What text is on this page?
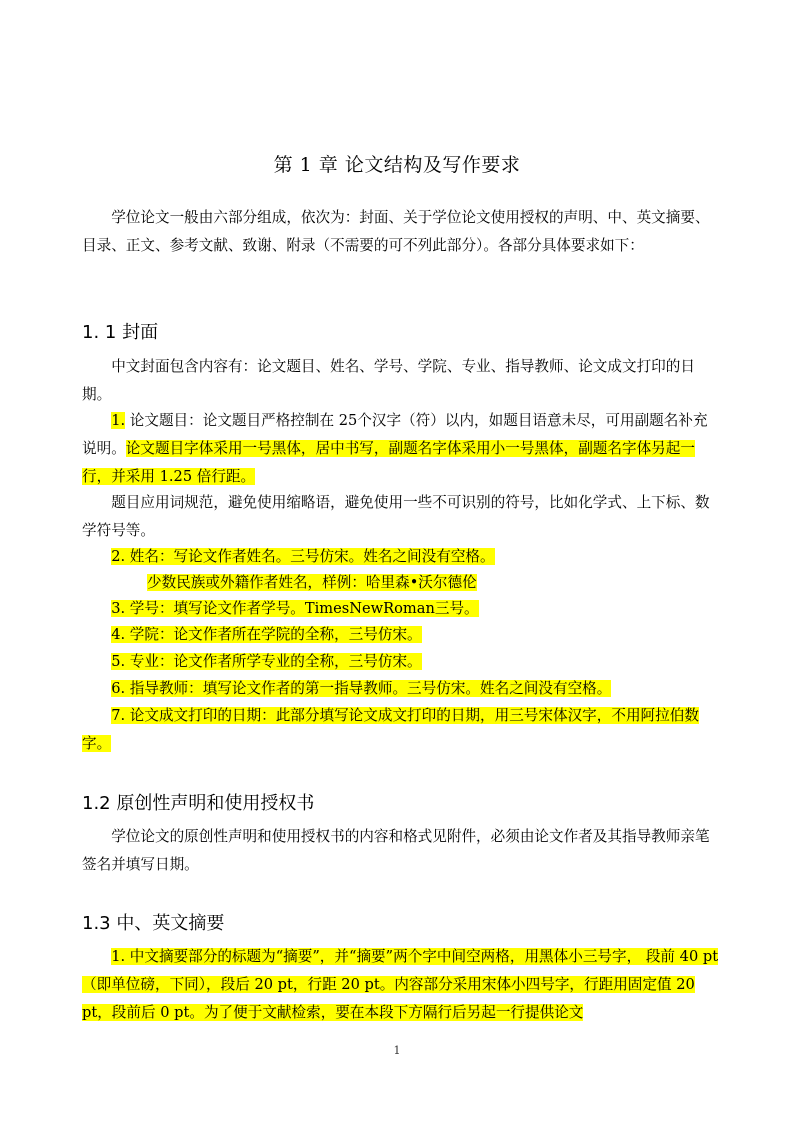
第 1 章 论文结构及写作要求
学位论文一般由六部分组成，依次为：封面、关于学位论文使用授权的声明、中、英文摘要、目录、正文、参考文献、致谢、附录（不需要的可不列此部分）。各部分具体要求如下：
1. 1 封面
中文封面包含内容有：论文题目、姓名、学号、学院、专业、指导教师、论文成文打印的日期。
1. 论文题目：论文题目严格控制在 25个汉字（符）以内，如题目语意未尽，可用副题名补充说明。论文题目字体采用一号黑体，居中书写，副题名字体采用小一号黑体，副题名字体另起一行，并采用 1.25 倍行距。
题目应用词规范，避免使用缩略语，避免使用一些不可识别的符号，比如化学式、上下标、数学符号等。
2. 姓名：写论文作者姓名。三号仿宋。姓名之间没有空格。
少数民族或外籍作者姓名，样例：哈里森•沃尔德伦
3. 学号：填写论文作者学号。TimesNewRoman三号。
4. 学院：论文作者所在学院的全称，三号仿宋。
5. 专业：论文作者所学专业的全称，三号仿宋。
6. 指导教师：填写论文作者的第一指导教师。三号仿宋。姓名之间没有空格。
7. 论文成文打印的日期：此部分填写论文成文打印的日期，用三号宋体汉字，不用阿拉伯数字。
1.2 原创性声明和使用授权书
学位论文的原创性声明和使用授权书的内容和格式见附件，必须由论文作者及其指导教师亲笔签名并填写日期。
1.3 中、英文摘要
1. 中文摘要部分的标题为“摘要”，并“摘要”两个字中间空两格，用黑体小三号字， 段前 40 pt（即单位磅，下同），段后 20 pt，行距 20 pt。内容部分采用宋体小四号字，行距用固定值 20 pt，段前后 0 pt。为了便于文献检索，要在本段下方隔行后另起一行提供论文
1
